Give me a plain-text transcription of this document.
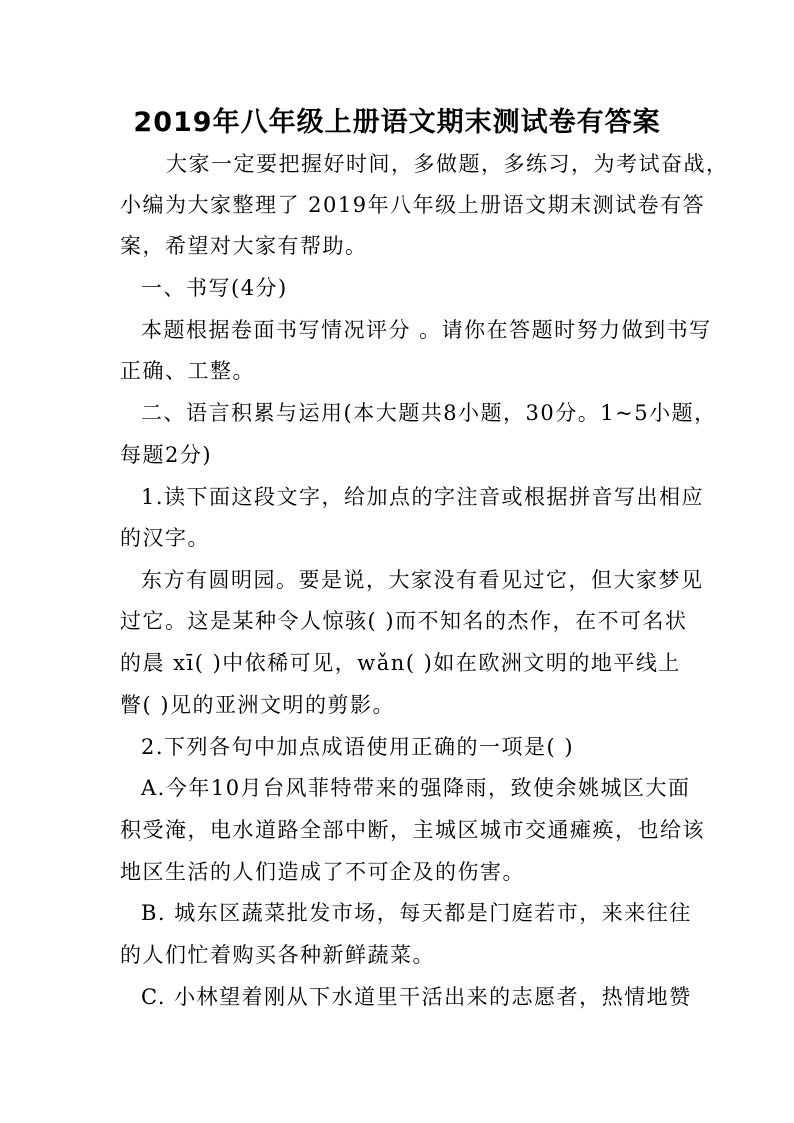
2019年八年级上册语文期末测试卷有答案
大家一定要把握好时间，多做题，多练习，为考试奋战，
小编为大家整理了 2019年八年级上册语文期末测试卷有答
案，希望对大家有帮助。
一、书写(4分)
本题根据卷面书写情况评分 。请你在答题时努力做到书写
正确、工整。
二、语言积累与运用(本大题共8小题，30分。1~5小题，
每题2分)
1.读下面这段文字，给加点的字注音或根据拼音写出相应
的汉字。
东方有圆明园。要是说，大家没有看见过它，但大家梦见
过它。这是某种令人惊骇( )而不知名的杰作，在不可名状
的晨 xī( )中依稀可见，wǎn( )如在欧洲文明的地平线上
瞥( )见的亚洲文明的剪影。
2.下列各句中加点成语使用正确的一项是( )
A.今年10月台风菲特带来的强降雨，致使余姚城区大面
积受淹，电水道路全部中断，主城区城市交通瘫痪，也给该
地区生活的人们造成了不可企及的伤害。
B. 城东区蔬菜批发市场，每天都是门庭若市，来来往往
的人们忙着购买各种新鲜蔬菜。
C. 小林望着刚从下水道里干活出来的志愿者，热情地赞
